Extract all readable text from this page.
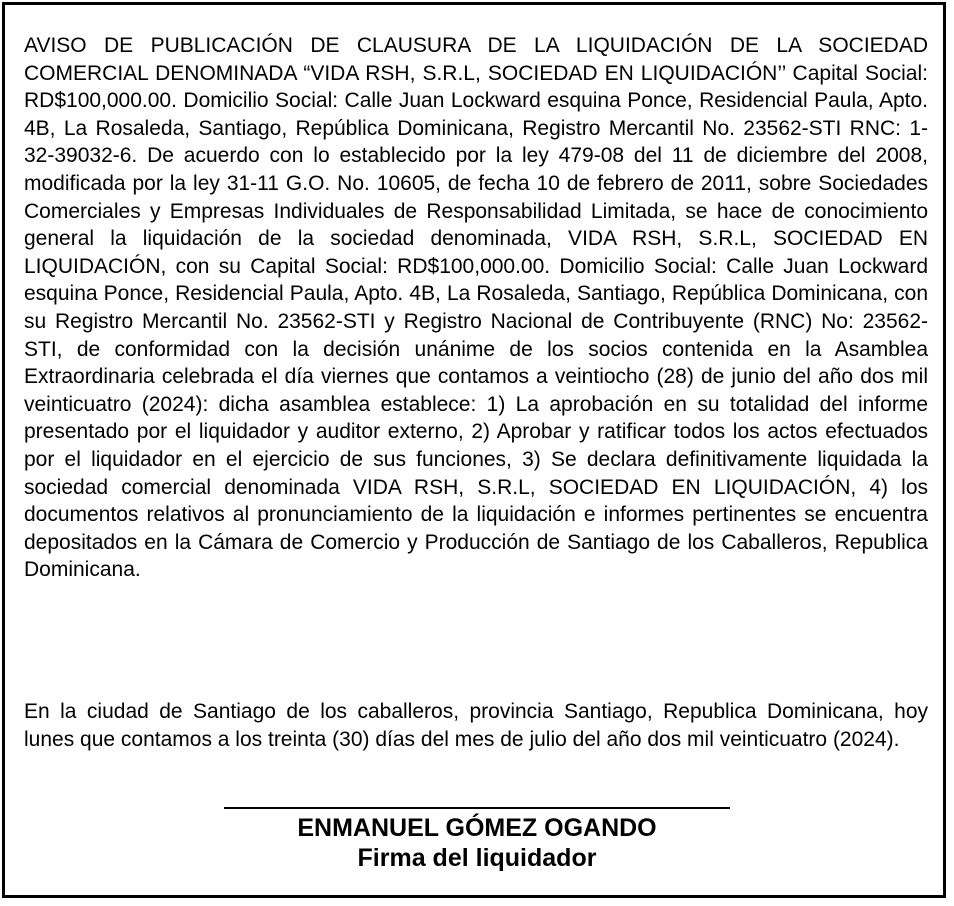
AVISO DE PUBLICACIÓN DE CLAUSURA DE LA LIQUIDACIÓN DE LA SOCIEDAD COMERCIAL DENOMINADA “VIDA RSH, S.R.L, SOCIEDAD EN LIQUIDACIÓN’’ Capital Social: RD$100,000.00. Domicilio Social: Calle Juan Lockward esquina Ponce, Residencial Paula, Apto. 4B, La Rosaleda, Santiago, República Dominicana, Registro Mercantil No. 23562-STI RNC: 1-32-39032-6. De acuerdo con lo establecido por la ley 479-08 del 11 de diciembre del 2008, modificada por la ley 31-11 G.O. No. 10605, de fecha 10 de febrero de 2011, sobre Sociedades Comerciales y Empresas Individuales de Responsabilidad Limitada, se hace de conocimiento general la liquidación de la sociedad denominada, VIDA RSH, S.R.L, SOCIEDAD EN LIQUIDACIÓN, con su Capital Social: RD$100,000.00. Domicilio Social: Calle Juan Lockward esquina Ponce, Residencial Paula, Apto. 4B, La Rosaleda, Santiago, República Dominicana, con su Registro Mercantil No. 23562-STI y Registro Nacional de Contribuyente (RNC) No: 23562-STI, de conformidad con la decisión unánime de los socios contenida en la Asamblea Extraordinaria celebrada el día viernes que contamos a veintiocho (28) de junio del año dos mil veinticuatro (2024): dicha asamblea establece: 1) La aprobación en su totalidad del informe presentado por el liquidador y auditor externo, 2) Aprobar y ratificar todos los actos efectuados por el liquidador en el ejercicio de sus funciones, 3) Se declara definitivamente liquidada la sociedad comercial denominada VIDA RSH, S.R.L, SOCIEDAD EN LIQUIDACIÓN, 4) los documentos relativos al pronunciamiento de la liquidación e informes pertinentes se encuentra depositados en la Cámara de Comercio y Producción de Santiago de los Caballeros, Republica Dominicana.

En la ciudad de Santiago de los caballeros, provincia Santiago, Republica Dominicana, hoy lunes que contamos a los treinta (30) días del mes de julio del año dos mil veinticuatro (2024).

ENMANUEL GÓMEZ OGANDO
Firma del liquidador
